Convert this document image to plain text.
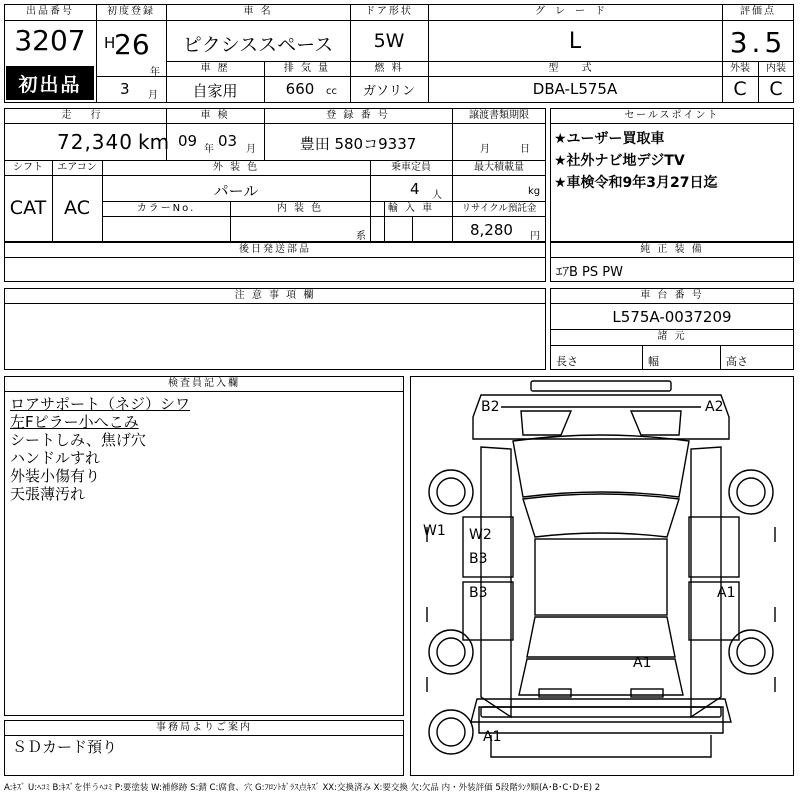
出品番号
3207
初出品
初度登録
H
26
年
3 月
車 名
ピクシススペース
ドア形状
5W
グレード
L
評価点
3.5
車 歴
自家用
排 気 量
660	cc
燃 料
ガソリン
型 式
DBA-L575A
外装	内装
C	C
走 行
72,340 km
車 検
09 年 03 月
登 録 番 号
豊田 580コ9337
譲渡書類期限
月	日
シフト
CAT
エアコン
AC
外 装 色
パール
乗車定員
4 人
最大積載量
kg
カラーNo.	内 装 色
系
輸 入 車	リサイクル預託金
8,280 円
後日発送部品
セールスポイント
★ユーザー買取車
★社外ナビ地デジTV
★車検令和9年3月27日迄
純 正 装 備
ｴｱB PS PW
注 意 事 項 欄	車 台 番 号
L575A-0037209
諸 元
長さ	幅	高さ
検査員記入欄
ロアサポート（ネジ）シワ
左Fピラー小へこみ
シートしみ、焦げ穴
ハンドルすれ
外装小傷有り
天張薄汚れ
事務局よりご案内
ＳＤカード預り
B2	A2
W1 W2
B3
B3	A1
A1
A1
A:ｷｽﾞ U:ﾍｺﾐ B:ｷｽﾞを伴うﾍｺﾐ P:要塗装 W:補修跡 S:錆 C:腐食、穴 G:ﾌﾛﾝﾄｶﾞﾗｽ点ｷｽﾞ XX:交換済み X:要交換 欠:欠品 内・外装評価 5段階ﾗﾝｸ順(A･B･C･D･E) 2
